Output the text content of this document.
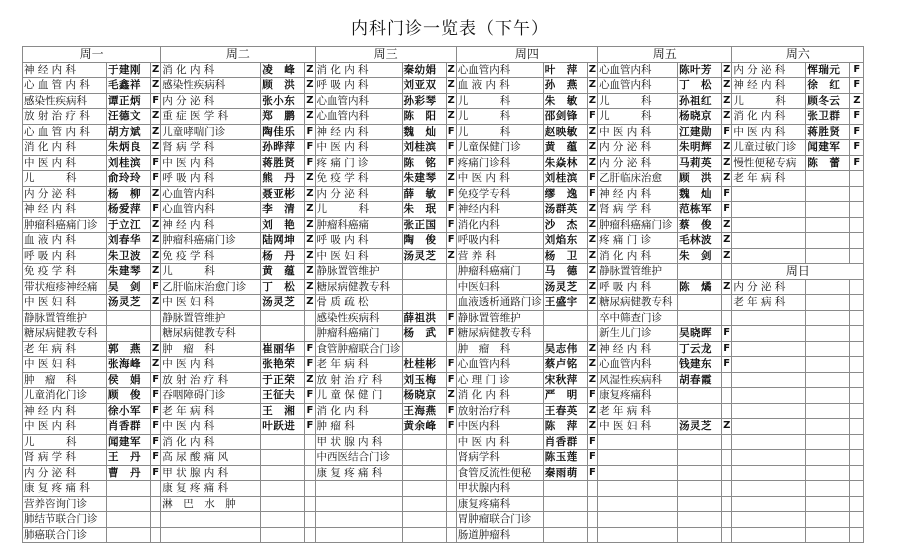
内科门诊一览表（下午）
周一			周二			周三			周四			周五			周六		
神 经 内 科	于建刚	Z	消 化 内 科	凌　峰	Z	消 化 内 科	秦幼娟	Z	心血管内科	叶　萍	Z	心血管内科	陈叶芳	Z	内 分 泌 科	恽瑞元	F
心 血 管 内 科	毛鑫祥	Z	感染性疾病科	顾　洪	Z	呼 吸 内 科	刘亚双	Z	血 液 内 科	孙　燕	Z	心血管内科	丁　松	Z	神 经 内 科	徐　红	F
感染性疾病科	谭正炳	F	内 分 泌 科	张小东	Z	心血管内科	孙彩琴	Z	儿　　　科	朱　敏	Z	儿　　　科	孙祖红	Z	儿　　　科	顾冬云	Z
放 射 治 疗 科	汪德文	Z	重 症 医 学 科	郑　鹏	Z	心血管内科	陈　阳	Z	儿　　　科	邵剑锋	F	儿　　　科	杨晓京	Z	消 化 内 科	张卫群	F
心 血 管 内 科	胡方斌	Z	儿童哮喘门诊	陶佳乐	F	神 经 内 科	魏　灿	F	儿　　　科	赵映敏	Z	中 医 内 科	江建勋	F	中 医 内 科	蒋胜贤	F
消 化 内 科	朱炳良	Z	肾 病 学 科	孙晔萍	F	中 医 内 科	刘桂滨	F	儿童保健门诊	黄　蕴	Z	内 分 泌 科	朱明辉	Z	儿童过敏门诊	闻建军	F
中 医 内 科	刘桂滨	F	中 医 内 科	蒋胜贤	F	疼 痛 门 诊	陈　铭	F	疼痛门诊科	朱焱林	Z	内 分 泌 科	马莉英	Z	慢性便秘专病	陈　蕾	F
儿　　　科	俞玲玲	F	呼 吸 内 科	熊　丹	Z	免 疫 学 科	朱建琴	Z	中 医 内 科	刘桂滨	F	乙肝临床治愈	顾　洪	Z	老 年 病 科		
内 分 泌 科	杨　柳	Z	心血管内科	聂亚彬	Z	内 分 泌 科	薛　敏	F	免疫学专科	缪　逸	F	神 经 内 科	魏　灿	F			
神 经 内 科	杨爱萍	F	心血管内科	李　清	Z	儿　　　科	朱　珉	F	神经内科	汤群英	Z	肾 病 学 科	范栋军	F			
肿瘤科癌痛门诊	于立江	Z	神 经 内 科	刘　艳	Z	肿瘤科癌痛	张正国	F	消化内科	沙　杰	Z	肿瘤科癌痛门诊	蔡　俊	Z			
血 液 内 科	刘春华	Z	肿瘤科癌痛门诊	陆网坤	Z	呼 吸 内 科	陶　俊	F	呼吸内科	刘焰东	Z	疼 痛 门 诊	毛林波	Z			
呼 吸 内 科	朱卫波	Z	免 疫 学 科	杨　丹	Z	中 医 妇 科	汤灵芝	Z	营 养 科	杨　卫	Z	消 化 内 科	朱　剑	Z			
免 疫 学 科	朱建琴	Z	儿　　　科	黄　蕴	Z	静脉置管维护			肿瘤科癌痛门	马　德	Z	静脉置管维护			周日		
带状疱疹神经痛	吴　剑	F	乙肝临床治愈门诊	丁　松	Z	糖尿病健教专科			中医妇科	汤灵芝	Z	呼 吸 内 科	陈　燏	Z	内 分 泌 科		
中 医 妇 科	汤灵芝	Z	中 医 妇 科	汤灵芝	Z	骨 质 疏 松			血液透析通路门诊	王盛宇	Z	糖尿病健教专科			老 年 病 科		
静脉置管维护			静脉置管维护			感染性疾病科	薛祖洪	F	静脉置管维护			卒中筛查门诊					
糖尿病健教专科			糖尿病健教专科			肿瘤科癌痛门	杨　武	F	糖尿病健教专科			新生儿门诊	吴晓晖	F			
老 年 病 科	郭　燕	Z	肿　瘤　科	崔丽华	F	食管肿瘤联合门诊			肿　瘤　科	吴志伟	Z	神 经 内 科	丁云龙	F			
中 医 妇 科	张海峰	Z	中 医 内 科	张艳荣	F	老 年 病 科	杜桂彬	F	心血管内科	蔡卢铭	Z	心血管内科	钱建东	F			
肿　瘤　科	侯　娟	F	放 射 治 疗 科	于正荣	Z	放 射 治 疗 科	刘玉梅	F	心 理 门 诊	宋秋萍	Z	风湿性疾病科	胡春霞				
儿童消化门诊	顾　俊	F	吞咽障碍门诊	王征夫	F	儿 童 保 健 门	杨晓京	Z	消 化 内 科	严　明	F	康复疼痛科					
神 经 内 科	徐小军	F	老 年 病 科	王　湘	F	消 化 内 科	王海燕	F	放射治疗科	王春英	Z	老 年 病 科					
中 医 内 科	肖香群	F	中 医 内 科	叶跃进	F	肿 瘤 科	黄余峰	F	中医内科	陈　萍	Z	中 医 妇 科	汤灵芝	Z			
儿　　　科	闻建军	F	消 化 内 科			甲 状 腺 内 科			中 医 内 科	肖香群	F						
肾 病 学 科	王　丹	F	高 尿 酸 痛 风			中西医结合门诊			肾病学科	陈玉莲	F						
内 分 泌 科	曹　丹	F	甲 状 腺 内 科			康 复 疼 痛 科			食管反流性便秘	秦雨萌	F						
康 复 疼 痛 科			康 复 疼 痛 科						甲状腺内科								
营养咨询门诊			淋　巴　水　肿						康复疼痛科								
肺结节联合门诊									胃肿瘤联合门诊								
肺癌联合门诊									肠道肿瘤科								
